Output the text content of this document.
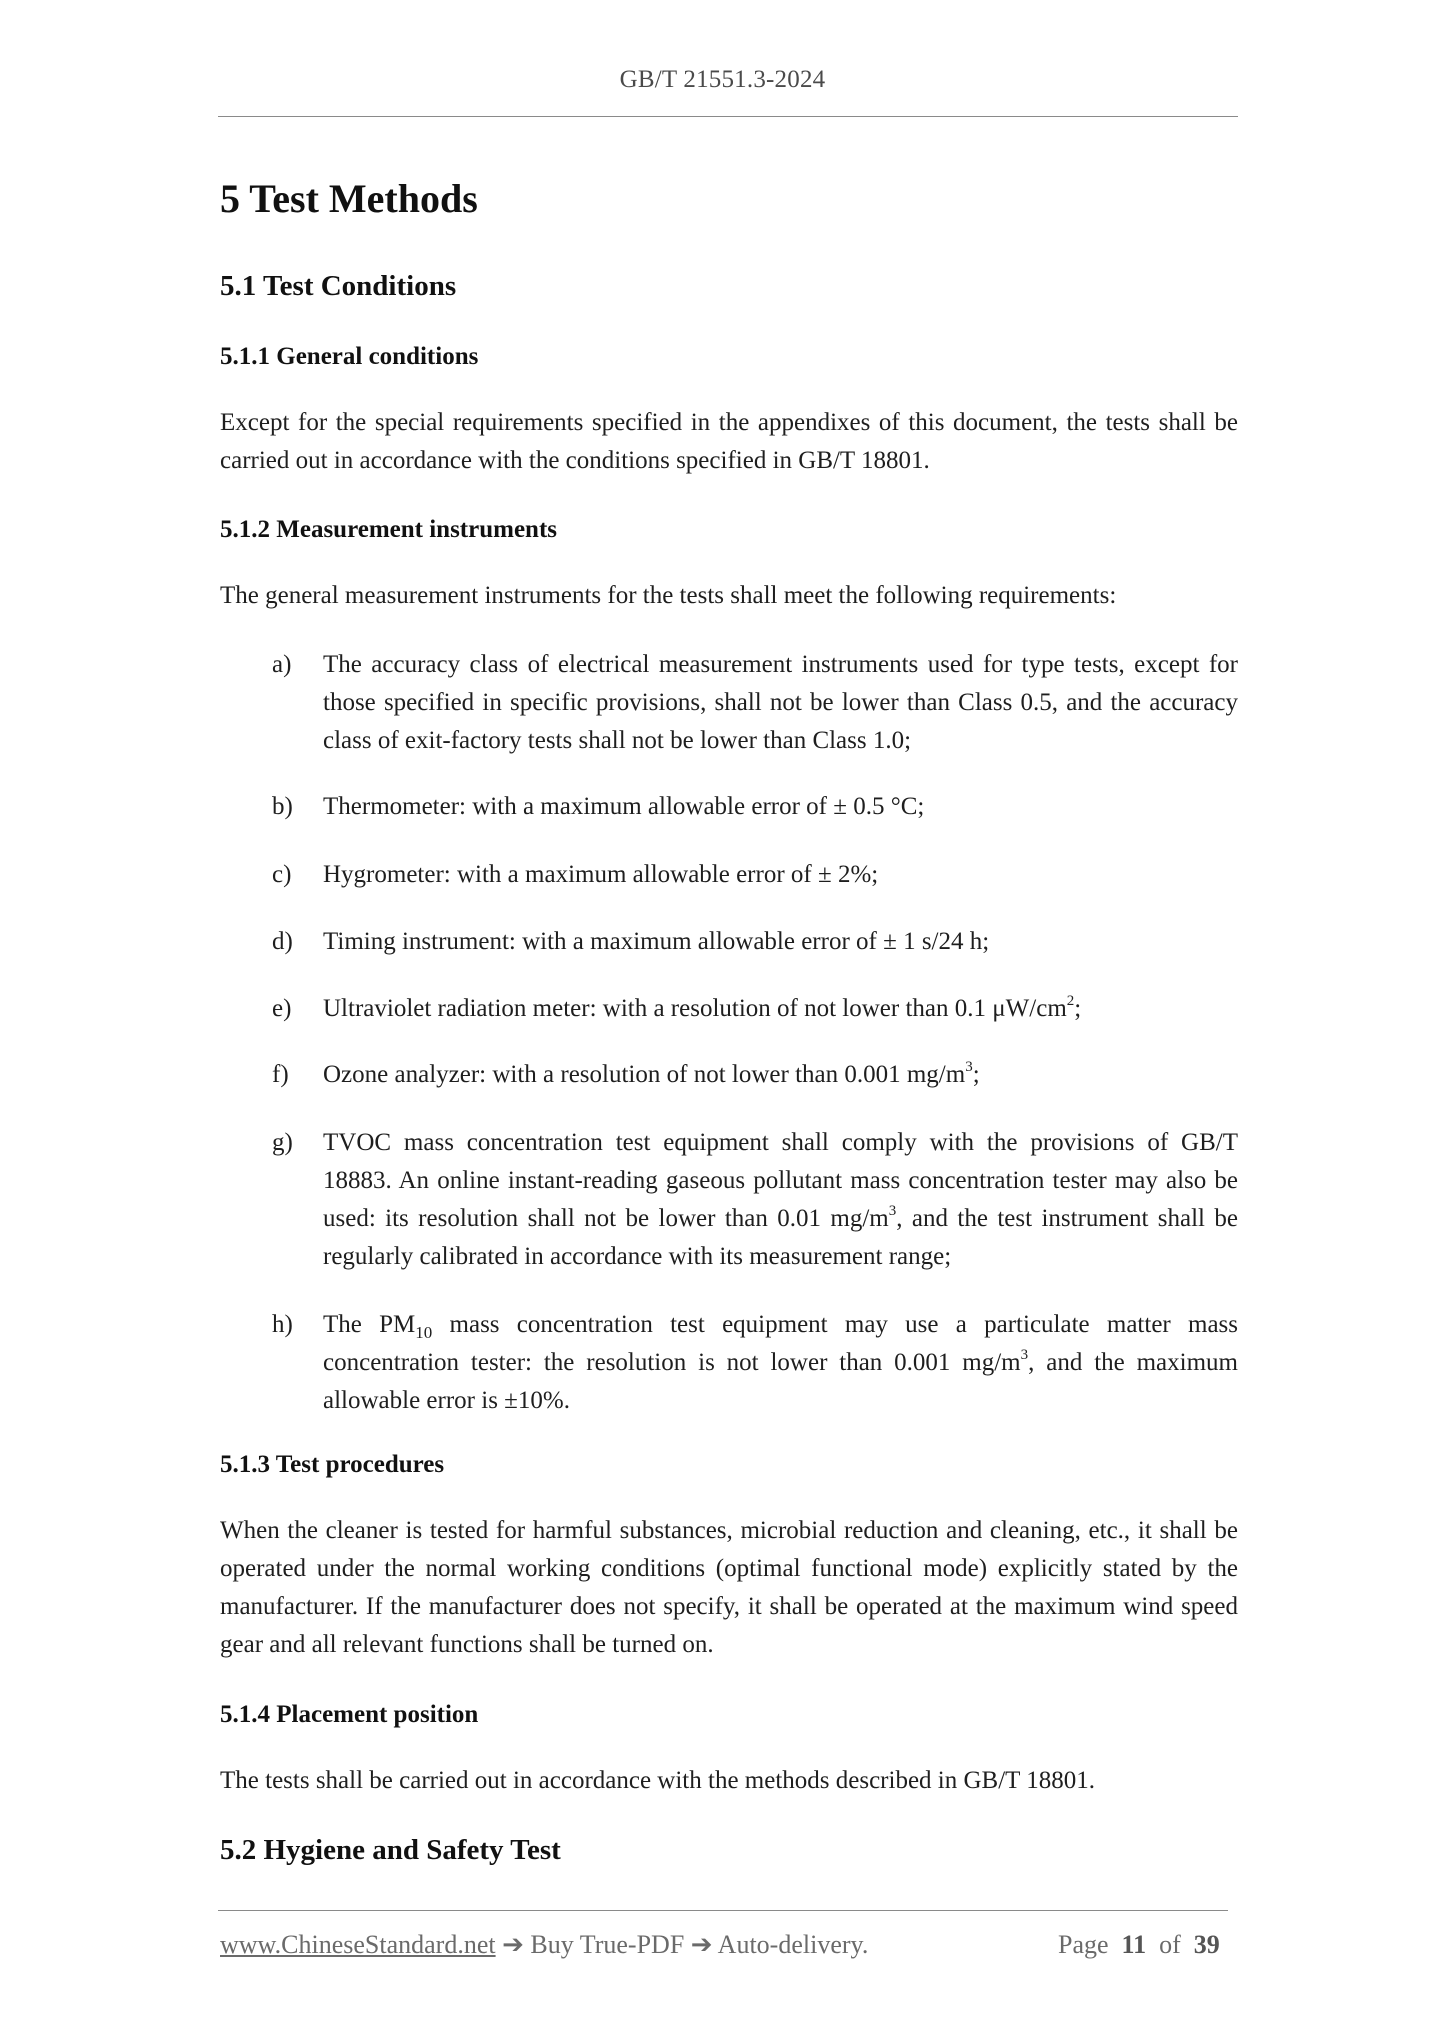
GB/T 21551.3-2024
5 Test Methods
5.1 Test Conditions
5.1.1 General conditions

Except for the special requirements specified in the appendixes of this document, the tests shall be carried out in accordance with the conditions specified in GB/T 18801.

5.1.2 Measurement instruments

The general measurement instruments for the tests shall meet the following requirements:

a) The accuracy class of electrical measurement instruments used for type tests, except for those specified in specific provisions, shall not be lower than Class 0.5, and the accuracy class of exit-factory tests shall not be lower than Class 1.0;
b) Thermometer: with a maximum allowable error of ± 0.5 °C;
c) Hygrometer: with a maximum allowable error of ± 2%;
d) Timing instrument: with a maximum allowable error of ± 1 s/24 h;
e) Ultraviolet radiation meter: with a resolution of not lower than 0.1 $\mu W/cm^2$;
f) Ozone analyzer: with a resolution of not lower than 0.001 $mg/m^3$;
g) TVOC mass concentration test equipment shall comply with the provisions of GB/T 18883. An online instant-reading gaseous pollutant mass concentration tester may also be used: its resolution shall not be lower than 0.01 $mg/m^3$, and the test instrument shall be regularly calibrated in accordance with its measurement range;
h) The $PM_{10}$ mass concentration test equipment may use a particulate matter mass concentration tester: the resolution is not lower than 0.001 $mg/m^3$, and the maximum allowable error is ±10%.
5.1.3 Test procedures

When the cleaner is tested for harmful substances, microbial reduction and cleaning, etc., it shall be operated under the normal working conditions (optimal functional mode) explicitly stated by the manufacturer. If the manufacturer does not specify, it shall be operated at the maximum wind speed gear and all relevant functions shall be turned on.

5.1.4 Placement position

The tests shall be carried out in accordance with the methods described in GB/T 18801.

5.2 Hygiene and Safety Test
www.ChineseStandard.net ➔ Buy True-PDF ➔ Auto-delivery.	Page 11 of 39
